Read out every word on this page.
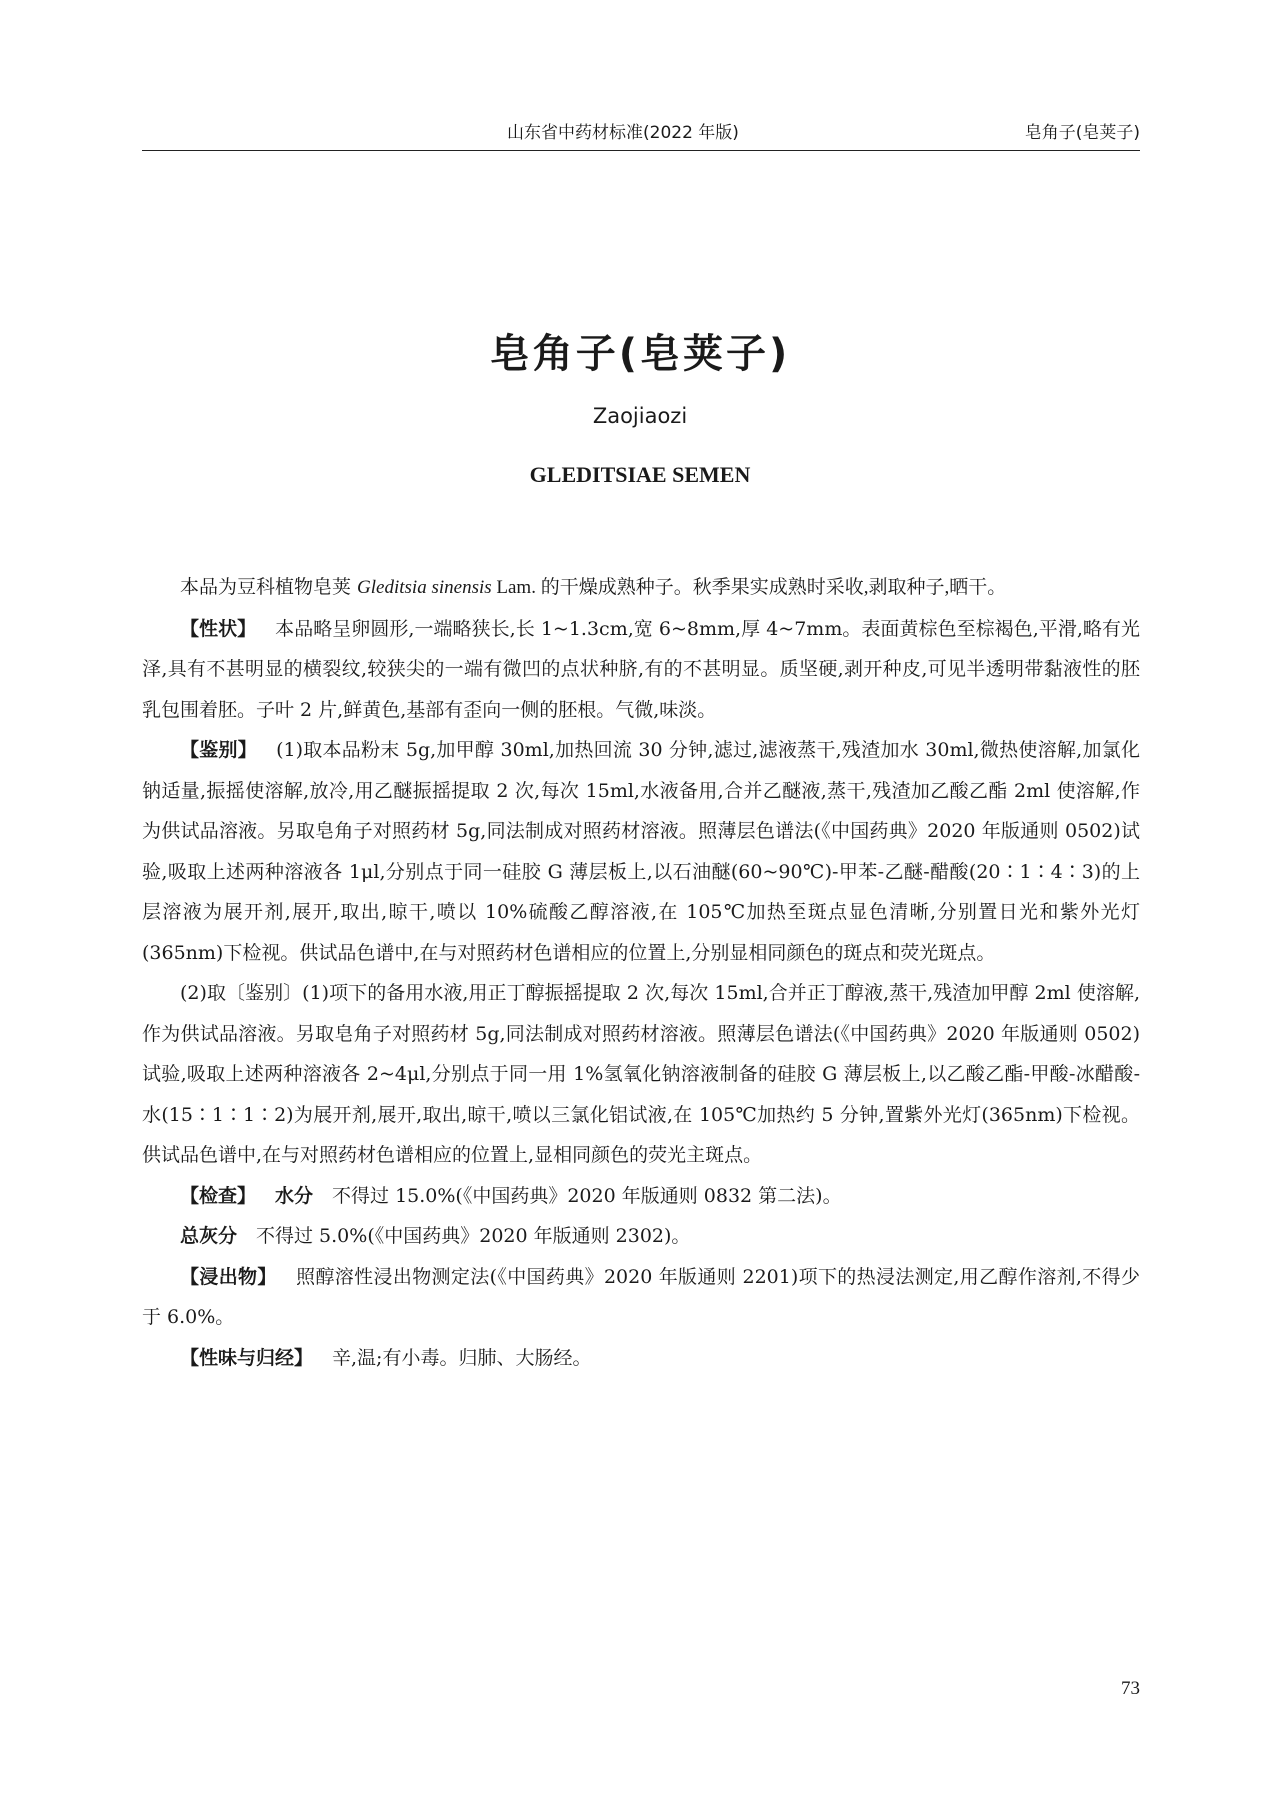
山东省中药材标准(2022 年版)	皂角子(皂荚子)
皂角子(皂荚子)
Zaojiaozi
GLEDITSIAE SEMEN

本品为豆科植物皂荚 Gleditsia sinensis Lam. 的干燥成熟种子。秋季果实成熟时采收,剥取种子,晒干。

【性状】 本品略呈卵圆形,一端略狭长,长 1~1.3cm,宽 6~8mm,厚 4~7mm。表面黄棕色至棕褐色,平滑,略有光泽,具有不甚明显的横裂纹,较狭尖的一端有微凹的点状种脐,有的不甚明显。质坚硬,剥开种皮,可见半透明带黏液性的胚乳包围着胚。子叶 2 片,鲜黄色,基部有歪向一侧的胚根。气微,味淡。

【鉴别】 (1)取本品粉末 5g,加甲醇 30ml,加热回流 30 分钟,滤过,滤液蒸干,残渣加水 30ml,微热使溶解,加氯化钠适量,振摇使溶解,放冷,用乙醚振摇提取 2 次,每次 15ml,水液备用,合并乙醚液,蒸干,残渣加乙酸乙酯 2ml 使溶解,作为供试品溶液。另取皂角子对照药材 5g,同法制成对照药材溶液。照薄层色谱法(《中国药典》2020 年版通则 0502)试验,吸取上述两种溶液各 1μl,分别点于同一硅胶 G 薄层板上,以石油醚(60~90℃)-甲苯-乙醚-醋酸(20∶1∶4∶3)的上层溶液为展开剂,展开,取出,晾干,喷以 10%硫酸乙醇溶液,在 105℃加热至斑点显色清晰,分别置日光和紫外光灯(365nm)下检视。供试品色谱中,在与对照药材色谱相应的位置上,分别显相同颜色的斑点和荧光斑点。

(2)取〔鉴别〕(1)项下的备用水液,用正丁醇振摇提取 2 次,每次 15ml,合并正丁醇液,蒸干,残渣加甲醇 2ml 使溶解,作为供试品溶液。另取皂角子对照药材 5g,同法制成对照药材溶液。照薄层色谱法(《中国药典》2020 年版通则 0502)试验,吸取上述两种溶液各 2~4μl,分别点于同一用 1%氢氧化钠溶液制备的硅胶 G 薄层板上,以乙酸乙酯-甲酸-冰醋酸-水(15∶1∶1∶2)为展开剂,展开,取出,晾干,喷以三氯化铝试液,在 105℃加热约 5 分钟,置紫外光灯(365nm)下检视。供试品色谱中,在与对照药材色谱相应的位置上,显相同颜色的荧光主斑点。

【检查】 水分 不得过 15.0%(《中国药典》2020 年版通则 0832 第二法)。

总灰分 不得过 5.0%(《中国药典》2020 年版通则 2302)。

【浸出物】 照醇溶性浸出物测定法(《中国药典》2020 年版通则 2201)项下的热浸法测定,用乙醇作溶剂,不得少于 6.0%。

【性味与归经】 辛,温;有小毒。归肺、大肠经。

73
